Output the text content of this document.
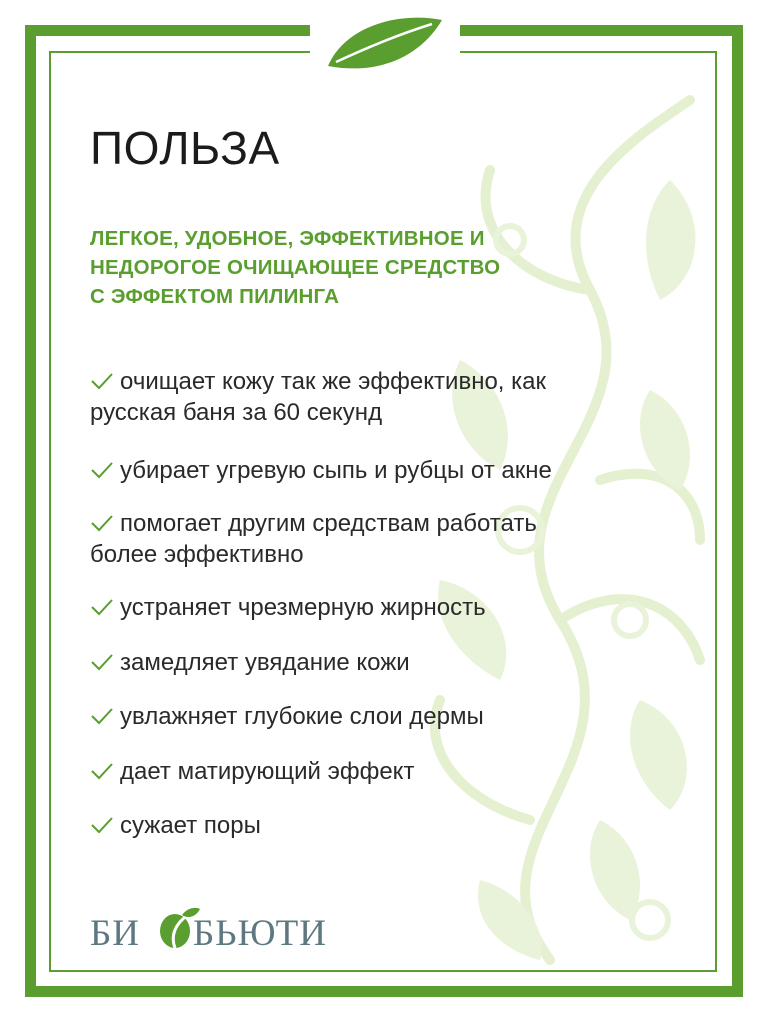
ПОЛЬЗА
ЛЕГКОЕ, УДОБНОЕ, ЭФФЕКТИВНОЕ И
НЕДОРОГОЕ ОЧИЩАЮЩЕЕ СРЕДСТВО
С ЭФФЕКТОМ ПИЛИНГА
очищает кожу так же эффективно, как
русская баня за 60 секунд
убирает угревую сыпь и рубцы от акне
помогает другим средствам работать
более эффективно
устраняет чрезмерную жирность
замедляет увядание кожи
увлажняет глубокие слои дермы
дает матирующий эффект
сужает поры
БИ БЬЮТИ
